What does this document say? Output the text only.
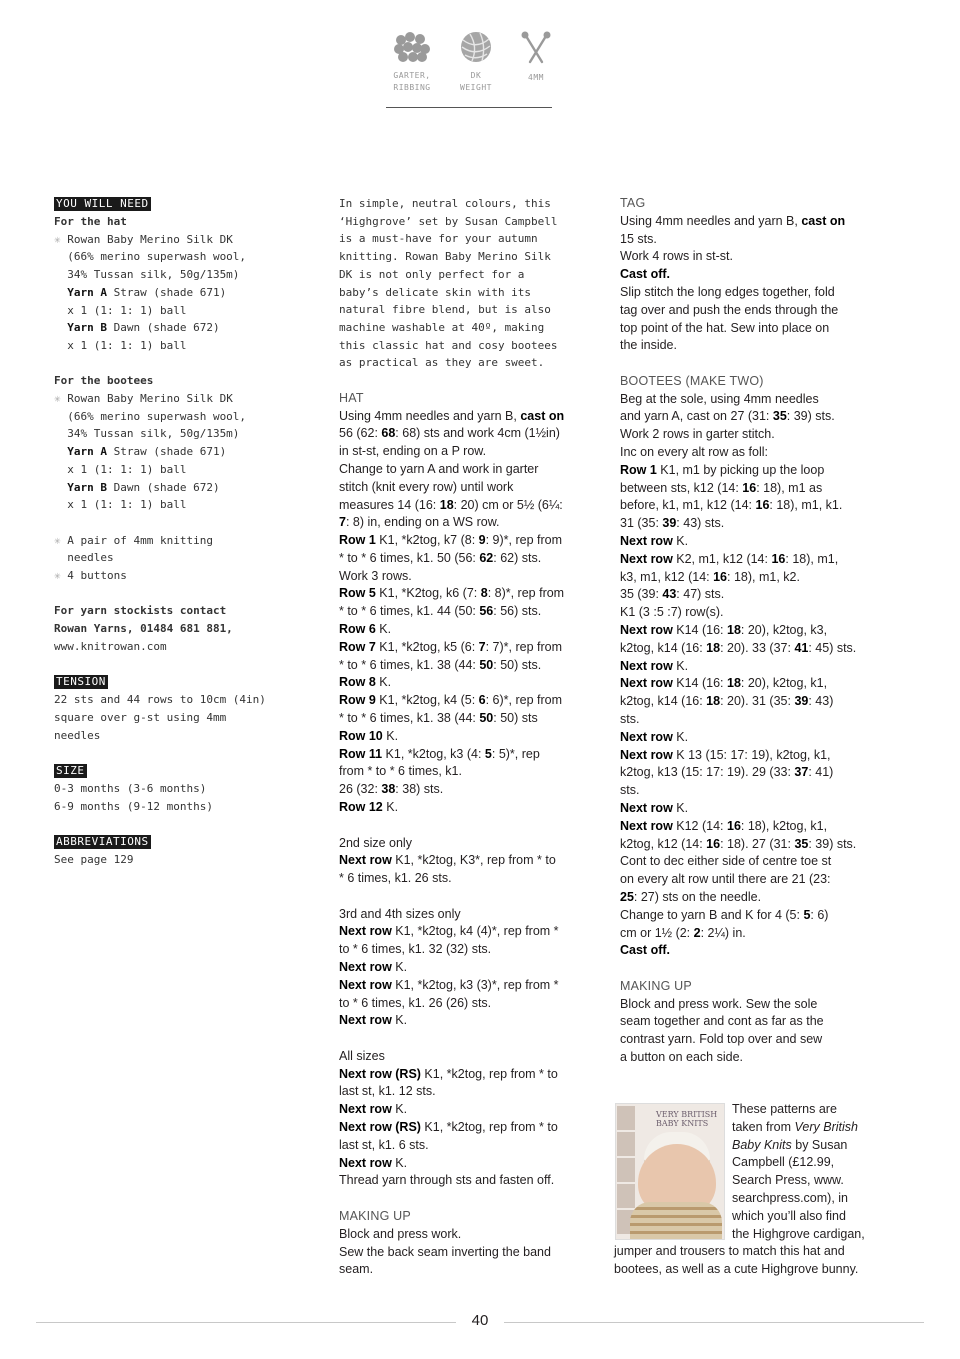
GARTER,
RIBBING
DK
WEIGHT
4MM
YOU WILL NEED
For the hat
✳ Rowan Baby Merino Silk DK
(66% merino superwash wool,
34% Tussan silk, 50g/135m)
Yarn A Straw (shade 671)
x 1 (1: 1: 1) ball
Yarn B Dawn (shade 672)
x 1 (1: 1: 1) ball
For the bootees
✳ Rowan Baby Merino Silk DK
(66% merino superwash wool,
34% Tussan silk, 50g/135m)
Yarn A Straw (shade 671)
x 1 (1: 1: 1) ball
Yarn B Dawn (shade 672)
x 1 (1: 1: 1) ball
✳ A pair of 4mm knitting
needles
✳ 4 buttons
For yarn stockists contact
Rowan Yarns, 01484 681 881,
www.knitrowan.com
TENSION
22 sts and 44 rows to 10cm (4in)
square over g-st using 4mm
needles
SIZE
0-3 months (3-6 months)
6-9 months (9-12 months)
ABBREVIATIONS
See page 129
In simple, neutral colours, this
‘Highgrove’ set by Susan Campbell
is a must-have for your autumn
knitting. Rowan Baby Merino Silk
DK is not only perfect for a
baby’s delicate skin with its
natural fibre blend, but is also
machine washable at 40º, making
this classic hat and cosy bootees
as practical as they are sweet.
HAT
Using 4mm needles and yarn B, cast on
56 (62: 68: 68) sts and work 4cm (1½in)
in st-st, ending on a P row.
Change to yarn A and work in garter
stitch (knit every row) until work
measures 14 (16: 18: 20) cm or 5½ (6¼:
7: 8) in, ending on a WS row.
Row 1 K1, *k2tog, k7 (8: 9: 9)*, rep from
* to * 6 times, k1. 50 (56: 62: 62) sts.
Work 3 rows.
Row 5 K1, *K2tog, k6 (7: 8: 8)*, rep from
* to * 6 times, k1. 44 (50: 56: 56) sts.
Row 6 K.
Row 7 K1, *k2tog, k5 (6: 7: 7)*, rep from
* to * 6 times, k1. 38 (44: 50: 50) sts.
Row 8 K.
Row 9 K1, *k2tog, k4 (5: 6: 6)*, rep from
* to * 6 times, k1. 38 (44: 50: 50) sts
Row 10 K.
Row 11 K1, *k2tog, k3 (4: 5: 5)*, rep
from * to * 6 times, k1.
26 (32: 38: 38) sts.
Row 12 K.
2nd size only
Next row K1, *k2tog, K3*, rep from * to
* 6 times, k1. 26 sts.
3rd and 4th sizes only
Next row K1, *k2tog, k4 (4)*, rep from *
to * 6 times, k1. 32 (32) sts.
Next row K.
Next row K1, *k2tog, k3 (3)*, rep from *
to * 6 times, k1. 26 (26) sts.
Next row K.
All sizes
Next row (RS) K1, *k2tog, rep from * to
last st, k1. 12 sts.
Next row K.
Next row (RS) K1, *k2tog, rep from * to
last st, k1. 6 sts.
Next row K.
Thread yarn through sts and fasten off.
MAKING UP
Block and press work.
Sew the back seam inverting the band
seam.
TAG
Using 4mm needles and yarn B, cast on
15 sts.
Work 4 rows in st-st.
Cast off.
Slip stitch the long edges together, fold
tag over and push the ends through the
top point of the hat. Sew into place on
the inside.
BOOTEES (MAKE TWO)
Beg at the sole, using 4mm needles
and yarn A, cast on 27 (31: 35: 39) sts.
Work 2 rows in garter stitch.
Inc on every alt row as foll:
Row 1 K1, m1 by picking up the loop
between sts, k12 (14: 16: 18), m1 as
before, k1, m1, k12 (14: 16: 18), m1, k1.
31 (35: 39: 43) sts.
Next row K.
Next row K2, m1, k12 (14: 16: 18), m1,
k3, m1, k12 (14: 16: 18), m1, k2.
35 (39: 43: 47) sts.
K1 (3 :5 :7) row(s).
Next row K14 (16: 18: 20), k2tog, k3,
k2tog, k14 (16: 18: 20). 33 (37: 41: 45) sts.
Next row K.
Next row K14 (16: 18: 20), k2tog, k1,
k2tog, k14 (16: 18: 20). 31 (35: 39: 43)
sts.
Next row K.
Next row K 13 (15: 17: 19), k2tog, k1,
k2tog, k13 (15: 17: 19). 29 (33: 37: 41)
sts.
Next row K.
Next row K12 (14: 16: 18), k2tog, k1,
k2tog, k12 (14: 16: 18). 27 (31: 35: 39) sts.
Cont to dec either side of centre toe st
on every alt row until there are 21 (23:
25: 27) sts on the needle.
Change to yarn B and K for 4 (5: 5: 6)
cm or 1½ (2: 2: 2¼) in.
Cast off.
MAKING UP
Block and press work. Sew the sole
seam together and cont as far as the
contrast yarn. Fold top over and sew
a button on each side.
VERY BRITISH
BABY KNITS
These patterns are
taken from Very British
Baby Knits by Susan
Campbell (£12.99,
Search Press, www.
searchpress.com), in
which you’ll also find
the Highgrove cardigan,
jumper and trousers to match this hat and
bootees, as well as a cute Highgrove bunny.
40
